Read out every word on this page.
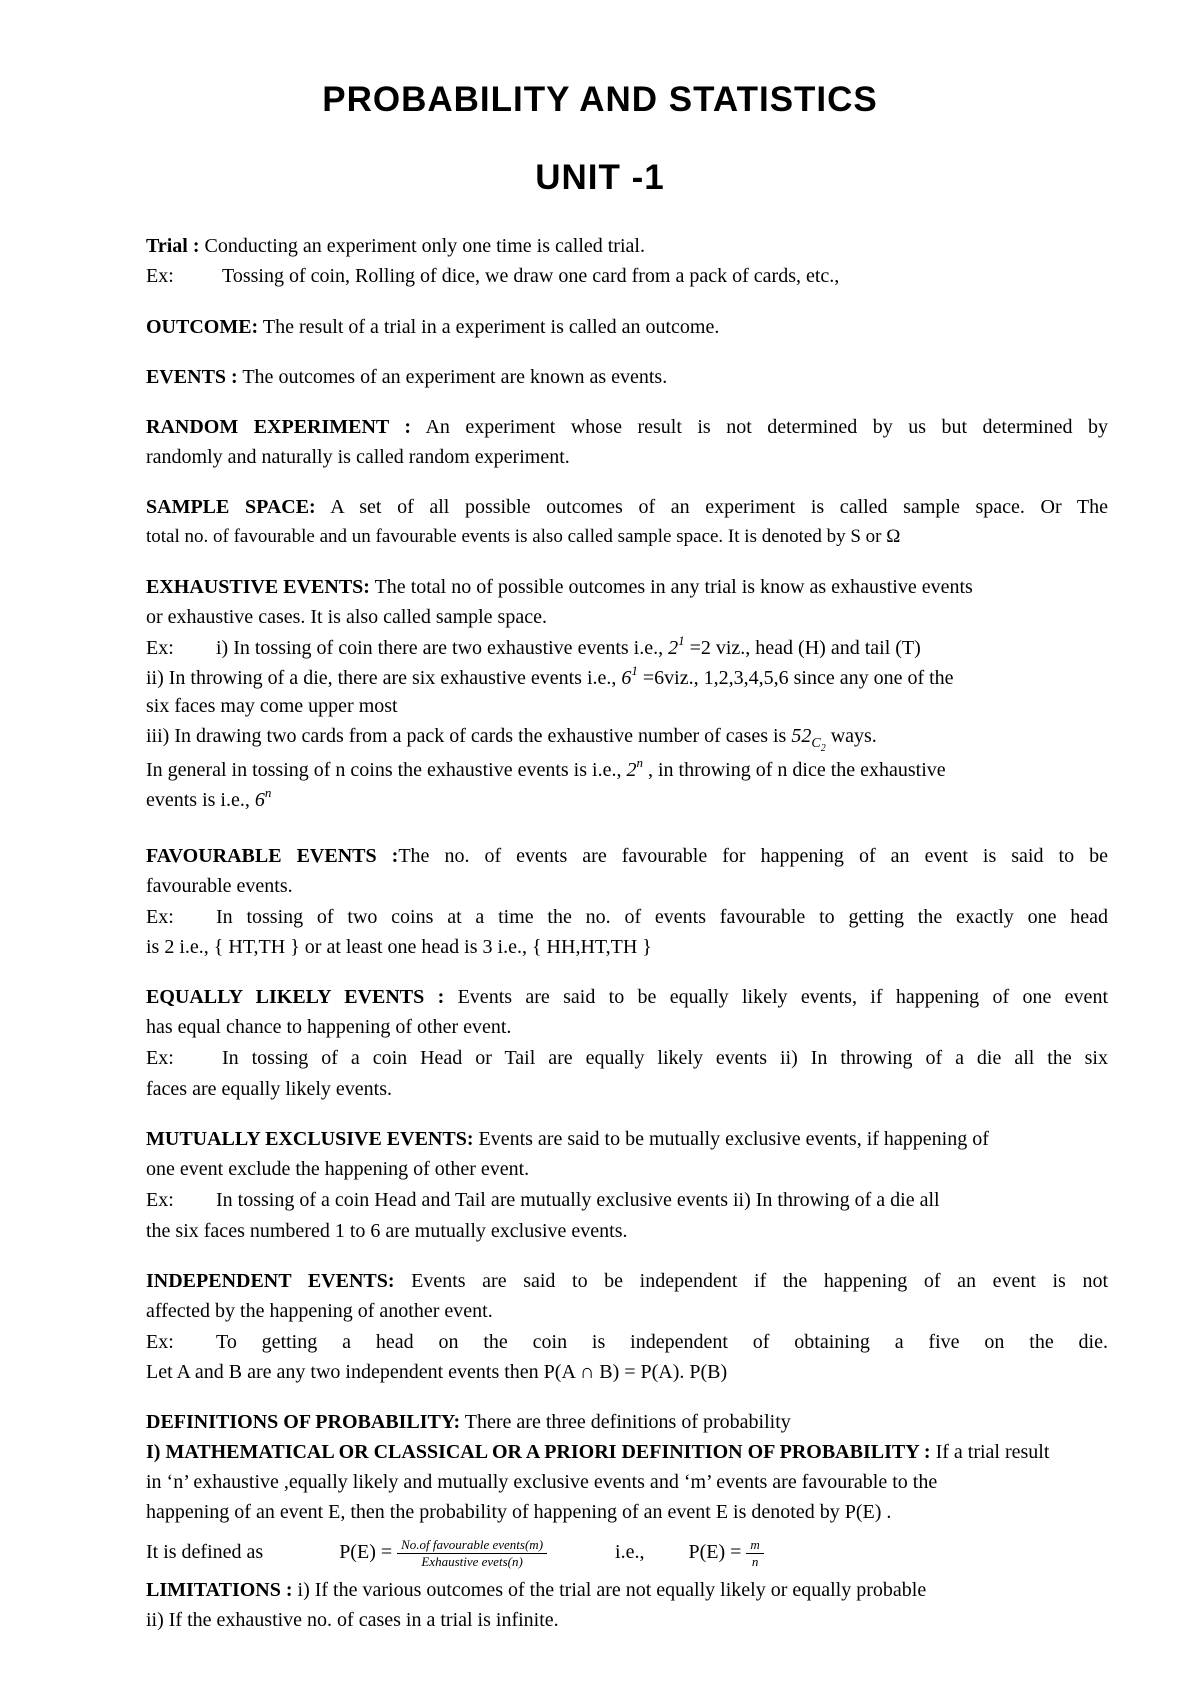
PROBABILITY AND STATISTICS
UNIT -1
Trial : Conducting an experiment only one time is called trial.
Ex: Tossing of coin, Rolling of dice, we draw one card from a pack of cards, etc.,
OUTCOME: The result of a trial in a experiment is called an outcome.
EVENTS : The outcomes of an experiment are known as events.
RANDOM EXPERIMENT : An experiment whose result is not determined by us but determined by
randomly and naturally is called random experiment.
SAMPLE SPACE: A set of all possible outcomes of an experiment is called sample space. Or The
total no. of favourable and un favourable events is also called sample space. It is denoted by S or Ω
EXHAUSTIVE EVENTS: The total no of possible outcomes in any trial is know as exhaustive events
or exhaustive cases. It is also called sample space.
Ex: i) In tossing of coin there are two exhaustive events i.e., $2^1 =2$ viz., head (H) and tail (T)
ii) In throwing of a die, there are six exhaustive events i.e., $6^1 =6viz$., 1,2,3,4,5,6 since any one of the
six faces may come upper most
iii) In drawing two cards from a pack of cards the exhaustive number of cases is $52_{C_2}$ ways.
In general in tossing of n coins the exhaustive events is i.e., 2$^n$ , in throwing of n dice the exhaustive
events is i.e., 6$^n$
FAVOURABLE EVENTS :The no. of events are favourable for happening of an event is said to be
favourable events.
Ex: In tossing of two coins at a time the no. of events favourable to getting the exactly one head
is 2 i.e., { HT,TH } or at least one head is 3 i.e., { HH,HT,TH }
EQUALLY LIKELY EVENTS : Events are said to be equally likely events, if happening of one event
has equal chance to happening of other event.
Ex: In tossing of a coin Head or Tail are equally likely events ii) In throwing of a die all the six
faces are equally likely events.
MUTUALLY EXCLUSIVE EVENTS: Events are said to be mutually exclusive events, if happening of
one event exclude the happening of other event.
Ex: In tossing of a coin Head and Tail are mutually exclusive events ii) In throwing of a die all
the six faces numbered 1 to 6 are mutually exclusive events.
INDEPENDENT EVENTS: Events are said to be independent if the happening of an event is not
affected by the happening of another event.
Ex: To getting a head on the coin is independent of obtaining a five on the die.
Let A and B are any two independent events then P(A ∩ B) = P(A). P(B)
DEFINITIONS OF PROBABILITY: There are three definitions of probability
I) MATHEMATICAL OR CLASSICAL OR A PRIORI DEFINITION OF PROBABILITY : If a trial result
in ‘n’ exhaustive ,equally likely and mutually exclusive events and ‘m’ events are favourable to the
happening of an event E, then the probability of happening of an event E is denoted by P(E) .
It is defined as	$P(E) = \frac{\text{No.of favourable events(m)}}{\text{Exhaustive evets(n)}}$	i.e., $P(E) = \frac{m}{n}$
LIMITATIONS : i) If the various outcomes of the trial are not equally likely or equally probable
ii) If the exhaustive no. of cases in a trial is infinite.
